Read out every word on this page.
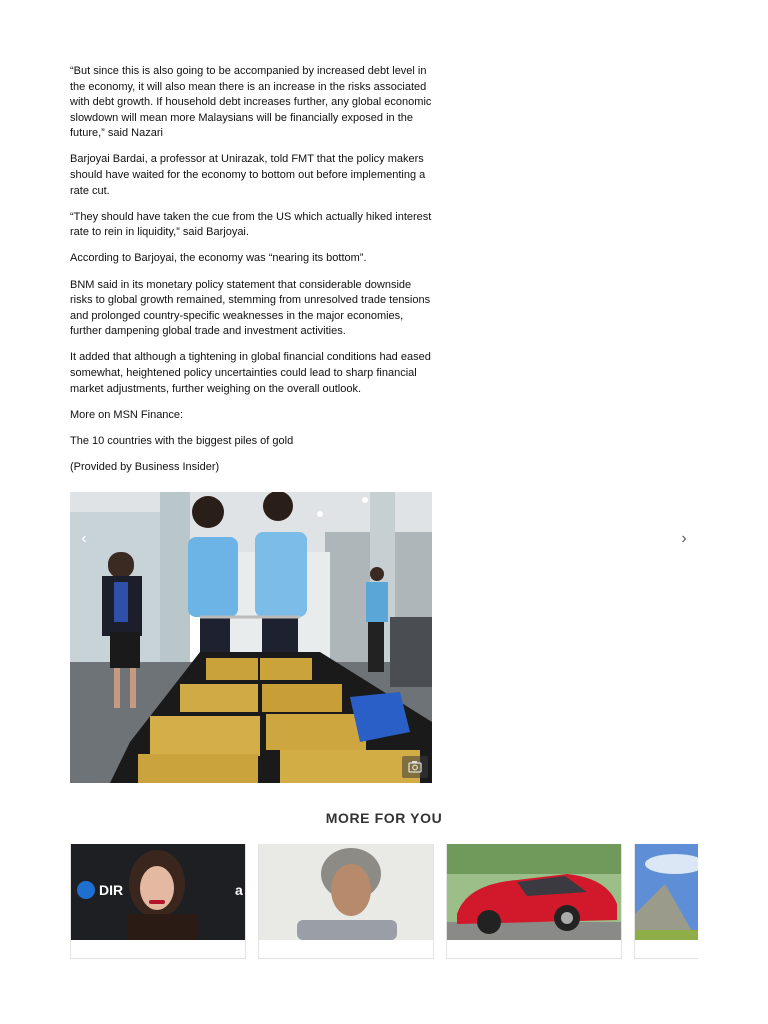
“But since this is also going to be accompanied by increased debt level in the economy, it will also mean there is an increase in the risks associated with debt growth. If household debt increases further, any global economic slowdown will mean more Malaysians will be financially exposed in the future,” said Nazari

Barjoyai Bardai, a professor at Unirazak, told FMT that the policy makers should have waited for the economy to bottom out before implementing a rate cut.

“They should have taken the cue from the US which actually hiked interest rate to rein in liquidity,” said Barjoyai.

According to Barjoyai, the economy was “nearing its bottom”.

BNM said in its monetary policy statement that considerable downside risks to global growth remained, stemming from unresolved trade tensions and prolonged country-specific weaknesses in the major economies, further dampening global trade and investment activities.

It added that although a tightening in global financial conditions had eased somewhat, heightened policy uncertainties could lead to sharp financial market adjustments, further weighing on the overall outlook.

More on MSN Finance:

The 10 countries with the biggest piles of gold

(Provided by Business Insider)

‹	›
MORE FOR YOU
DIR	a
